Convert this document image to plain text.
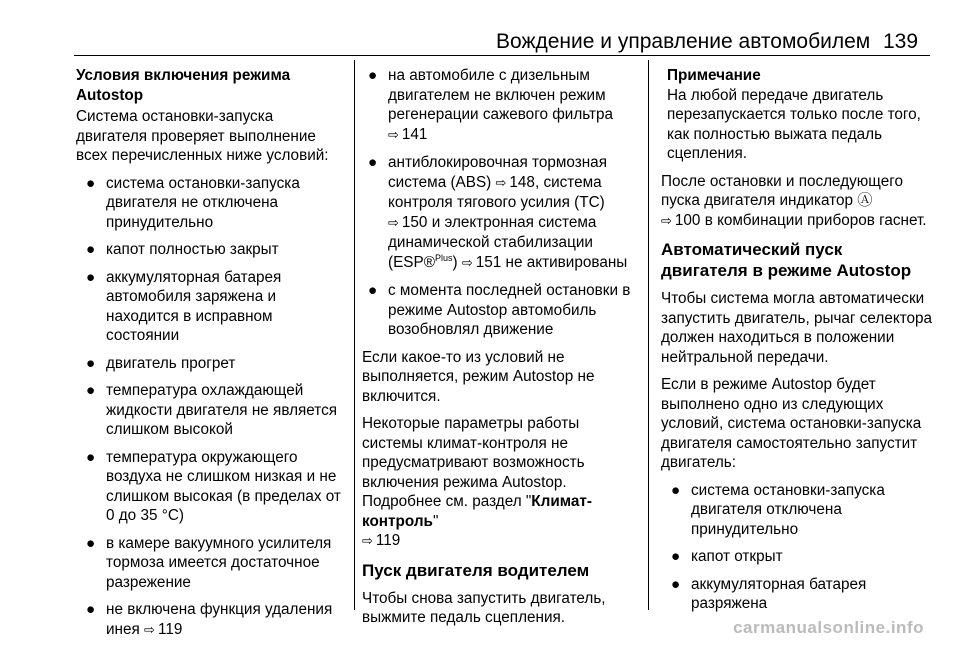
Вождение и управление автомобилем 139
Условия включения режима Autostop

Система остановки-запуска двигателя проверяет выполнение всех перечисленных ниже условий:

● система остановки-запуска двигателя не отключена принудительно
● капот полностью закрыт
● аккумуляторная батарея автомобиля заряжена и находится в исправном состоянии
● двигатель прогрет
● температура охлаждающей жидкости двигателя не является слишком высокой
● температура окружающего воздуха не слишком низкая и не слишком высокая (в пределах от 0 до 35 °C)
● в камере вакуумного усилителя тормоза имеется достаточное разрежение
● не включена функция удаления инея ⇨ 119
● на автомобиле с дизельным двигателем не включен режим регенерации сажевого фильтра ⇨ 141
● антиблокировочная тормозная система (ABS) ⇨ 148, система контроля тягового усилия (TC) ⇨ 150 и электронная система динамической стабилизации (ESP®$^{Plus}$) ⇨ 151 не активированы
● с момента последней остановки в режиме Autostop автомобиль возобновлял движение

Если какое-то из условий не выполняется, режим Autostop не включится.

Некоторые параметры работы системы климат-контроля не предусматривают возможность включения режима Autostop. Подробнее см. раздел "Климат-контроль"
⇨ 119

Пуск двигателя водителем

Чтобы снова запустить двигатель, выжмите педаль сцепления.

Примечание
На любой передаче двигатель перезапускается только после того, как полностью выжата педаль сцепления.

После остановки и последующего пуска двигателя индикатор Ⓐ
⇨ 100 в комбинации приборов гаснет.

Автоматический пуск двигателя в режиме Autostop

Чтобы система могла автоматически запустить двигатель, рычаг селектора должен находиться в положении нейтральной передачи.

Если в режиме Autostop будет выполнено одно из следующих условий, система остановки-запуска двигателя самостоятельно запустит двигатель:

● система остановки-запуска двигателя отключена принудительно
● капот открыт
● аккумуляторная батарея разряжена
carmanualsonline.info
